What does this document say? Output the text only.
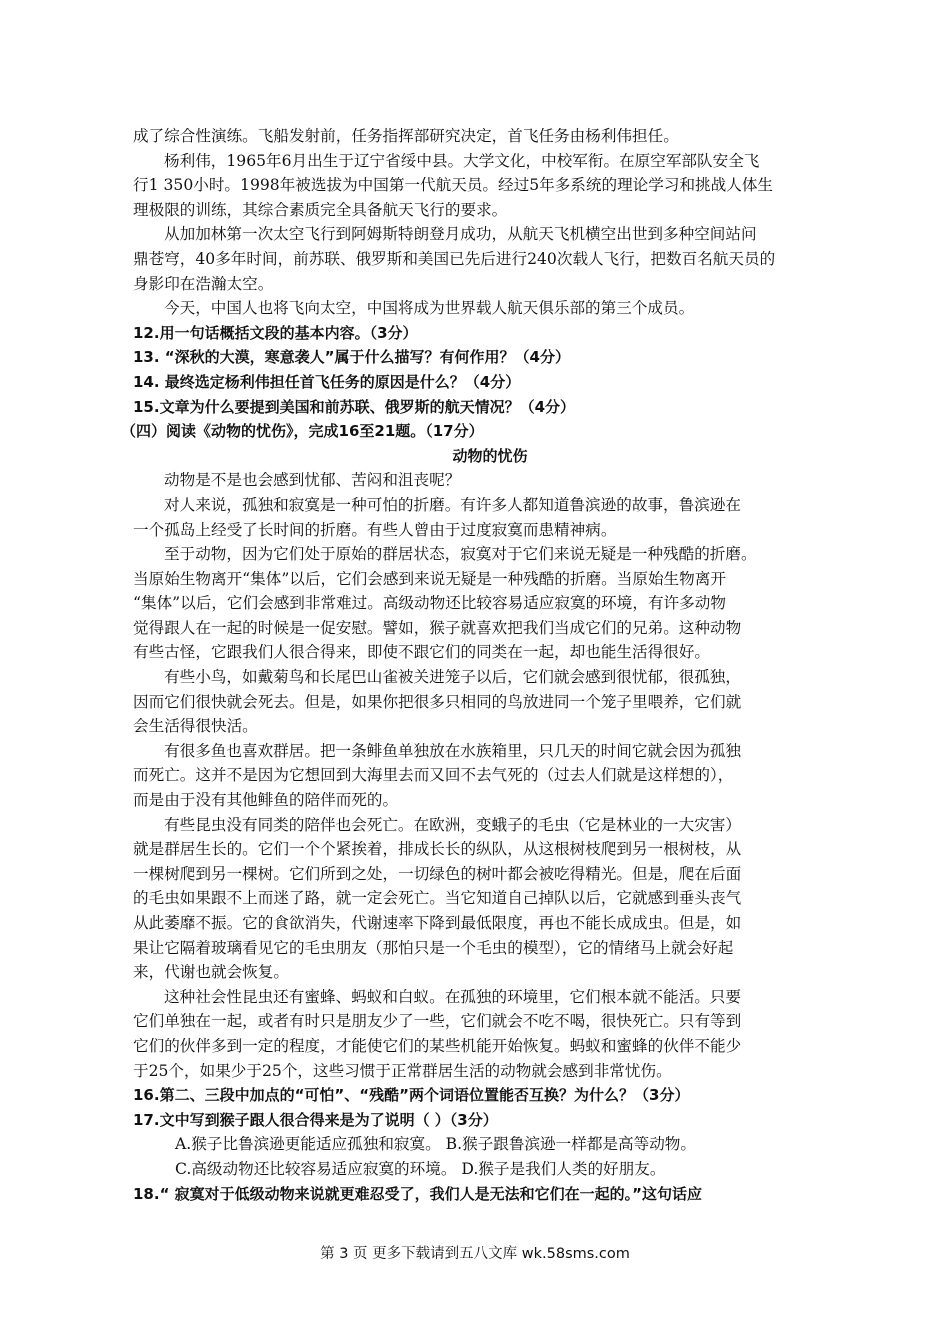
成了综合性演练。飞船发射前，任务指挥部研究决定，首飞任务由杨利伟担任。
杨利伟，1965年6月出生于辽宁省绥中县。大学文化，中校军衔。在原空军部队安全飞
行1 350小时。1998年被选拔为中国第一代航天员。经过5年多系统的理论学习和挑战人体生
理极限的训练，其综合素质完全具备航天飞行的要求。
从加加林第一次太空飞行到阿姆斯特朗登月成功，从航天飞机横空出世到多种空间站问
鼎苍穹，40多年时间，前苏联、俄罗斯和美国已先后进行240次载人飞行，把数百名航天员的
身影印在浩瀚太空。
今天，中国人也将飞向太空，中国将成为世界载人航天俱乐部的第三个成员。
12.用一句话概括文段的基本内容。（3分）
13. “深秋的大漠，寒意袭人”属于什么描写？有何作用？（4分）
14. 最终选定杨利伟担任首飞任务的原因是什么？（4分）
15.文章为什么要提到美国和前苏联、俄罗斯的航天情况？（4分）
（四）阅读《动物的忧伤》，完成16至21题。（17分）
动物的忧伤
动物是不是也会感到忧郁、苦闷和沮丧呢？
对人来说，孤独和寂寞是一种可怕的折磨。有许多人都知道鲁滨逊的故事，鲁滨逊在
一个孤岛上经受了长时间的折磨。有些人曾由于过度寂寞而患精神病。
至于动物，因为它们处于原始的群居状态，寂寞对于它们来说无疑是一种残酷的折磨。
当原始生物离开“集体”以后，它们会感到来说无疑是一种残酷的折磨。当原始生物离开
“集体”以后，它们会感到非常难过。高级动物还比较容易适应寂寞的环境，有许多动物
觉得跟人在一起的时候是一促安慰。譬如，猴子就喜欢把我们当成它们的兄弟。这种动物
有些古怪，它跟我们人很合得来，即使不跟它们的同类在一起，却也能生活得很好。
有些小鸟，如戴菊鸟和长尾巴山雀被关进笼子以后，它们就会感到很忧郁，很孤独，
因而它们很快就会死去。但是，如果你把很多只相同的鸟放进同一个笼子里喂养，它们就
会生活得很快活。
有很多鱼也喜欢群居。把一条鲱鱼单独放在水族箱里，只几天的时间它就会因为孤独
而死亡。这并不是因为它想回到大海里去而又回不去气死的（过去人们就是这样想的），
而是由于没有其他鲱鱼的陪伴而死的。
有些昆虫没有同类的陪伴也会死亡。在欧洲，变蛾子的毛虫（它是林业的一大灾害）
就是群居生长的。它们一个个紧挨着，排成长长的纵队，从这根树枝爬到另一根树枝，从
一棵树爬到另一棵树。它们所到之处，一切绿色的树叶都会被吃得精光。但是，爬在后面
的毛虫如果跟不上而迷了路，就一定会死亡。当它知道自己掉队以后，它就感到垂头丧气
从此萎靡不振。它的食欲消失，代谢速率下降到最低限度，再也不能长成成虫。但是，如
果让它隔着玻璃看见它的毛虫朋友（那怕只是一个毛虫的模型），它的情绪马上就会好起
来，代谢也就会恢复。
这种社会性昆虫还有蜜蜂、蚂蚁和白蚁。在孤独的环境里，它们根本就不能活。只要
它们单独在一起，或者有时只是朋友少了一些，它们就会不吃不喝，很快死亡。只有等到
它们的伙伴多到一定的程度，才能使它们的某些机能开始恢复。蚂蚁和蜜蜂的伙伴不能少
于25个，如果少于25个，这些习惯于正常群居生活的动物就会感到非常忧伤。
16.第二、三段中加点的“可怕”、“残酷”两个词语位置能否互换？为什么？（3分）
17.文中写到猴子跟人很合得来是为了说明（ ）（3分）
A.猴子比鲁滨逊更能适应孤独和寂寞。 B.猴子跟鲁滨逊一样都是高等动物。
C.高级动物还比较容易适应寂寞的环境。 D.猴子是我们人类的好朋友。
18.“ 寂寞对于低级动物来说就更难忍受了，我们人是无法和它们在一起的。”这句话应
第 3 页 更多下载请到五八文库 wk.58sms.com
